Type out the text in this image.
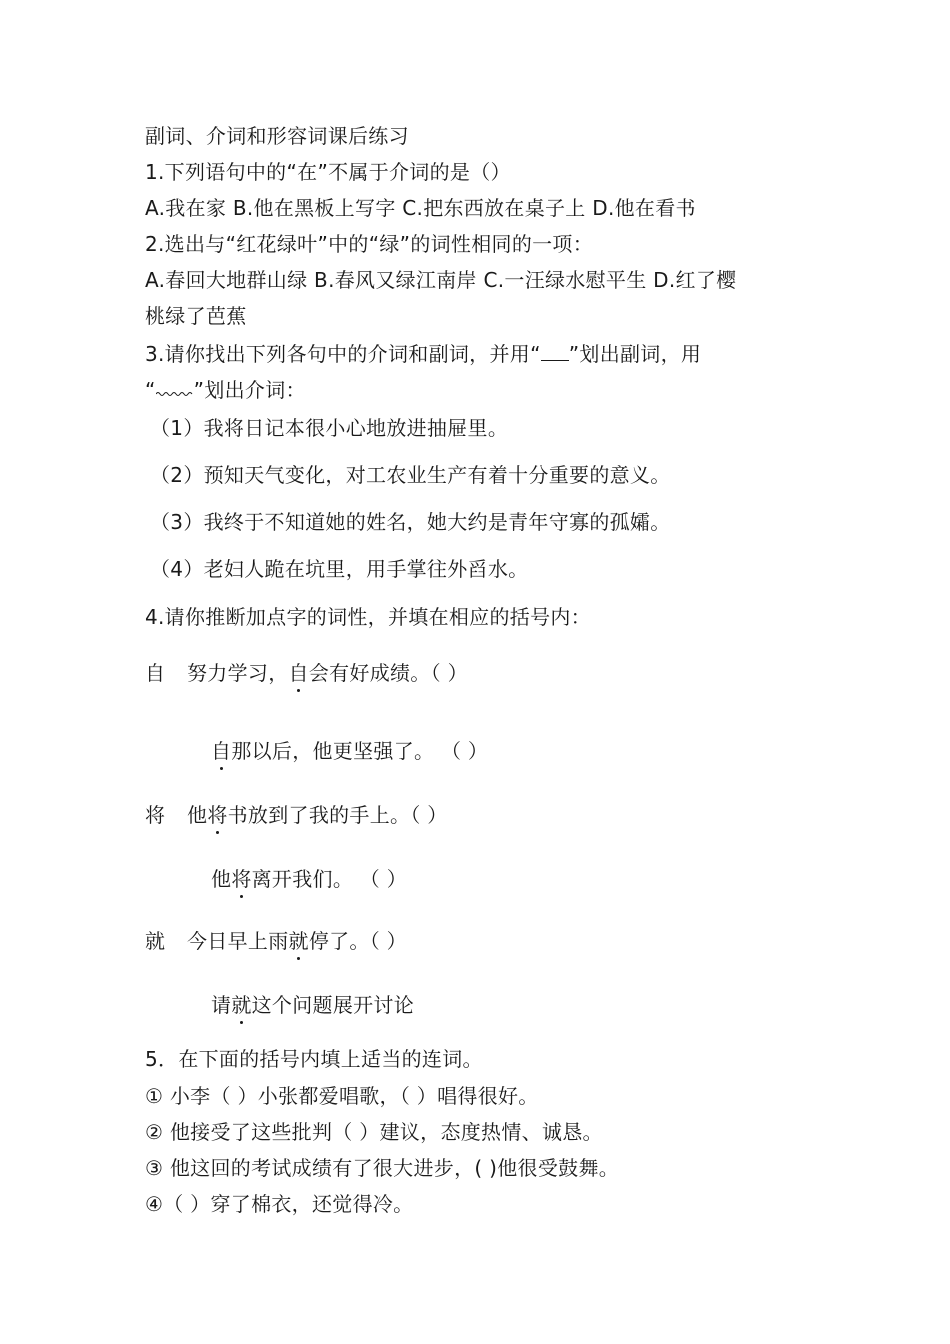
副词、介词和形容词课后练习
1.下列语句中的“在”不属于介词的是（）
A.我在家 B.他在黑板上写字 C.把东西放在桌子上 D.他在看书
2.选出与“红花绿叶”中的“绿”的词性相同的一项：
A.春回大地群山绿 B.春风又绿江南岸 C.一汪绿水慰平生 D.红了樱
桃绿了芭蕉
3.请你找出下列各句中的介词和副词，并用“ ”划出副词，用
“ ”划出介词：
（1）我将日记本很小心地放进抽屉里。
（2）预知天气变化，对工农业生产有着十分重要的意义。
（3）我终于不知道她的姓名，她大约是青年守寡的孤孀。
（4）老妇人跪在坑里，用手掌往外舀水。
4.请你推断加点字的词性，并填在相应的括号内：
自 努力学习，自会有好成绩。（ ）
自那以后，他更坚强了。 （ ）
将 他将书放到了我的手上。（ ）
他将离开我们。 （ ）
就 今日早上雨就停了。（ ）
请就这个问题展开讨论
5．在下面的括号内填上适当的连词。
① 小李（ ）小张都爱唱歌，（ ）唱得很好。
② 他接受了这些批判（ ）建议，态度热情、诚恳。
③ 他这回的考试成绩有了很大进步，( )他很受鼓舞。
④（ ）穿了棉衣，还觉得冷。
